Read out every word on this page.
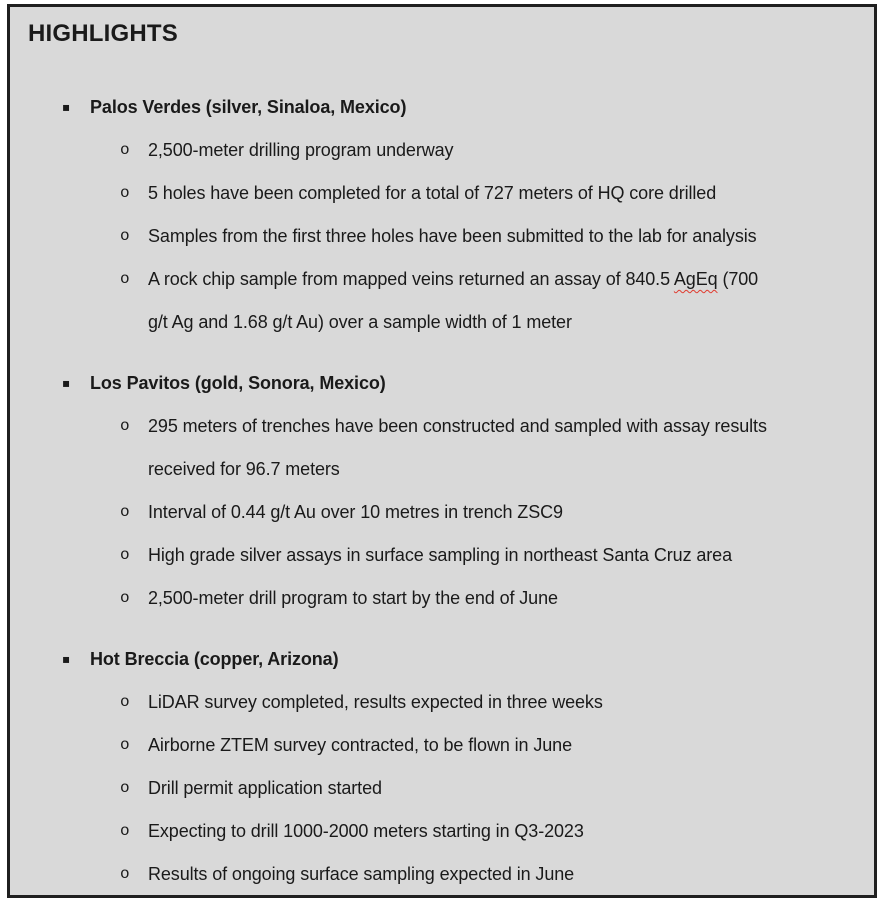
HIGHLIGHTS
▪ Palos Verdes (silver, Sinaloa, Mexico)
o 2,500-meter drilling program underway
o 5 holes have been completed for a total of 727 meters of HQ core drilled
o Samples from the first three holes have been submitted to the lab for analysis
o A rock chip sample from mapped veins returned an assay of 840.5 AgEq (700
g/t Ag and 1.68 g/t Au) over a sample width of 1 meter
▪ Los Pavitos (gold, Sonora, Mexico)
o 295 meters of trenches have been constructed and sampled with assay results
received for 96.7 meters
o Interval of 0.44 g/t Au over 10 metres in trench ZSC9
o High grade silver assays in surface sampling in northeast Santa Cruz area
o 2,500-meter drill program to start by the end of June
▪ Hot Breccia (copper, Arizona)
o LiDAR survey completed, results expected in three weeks
o Airborne ZTEM survey contracted, to be flown in June
o Drill permit application started
o Expecting to drill 1000-2000 meters starting in Q3-2023
o Results of ongoing surface sampling expected in June
